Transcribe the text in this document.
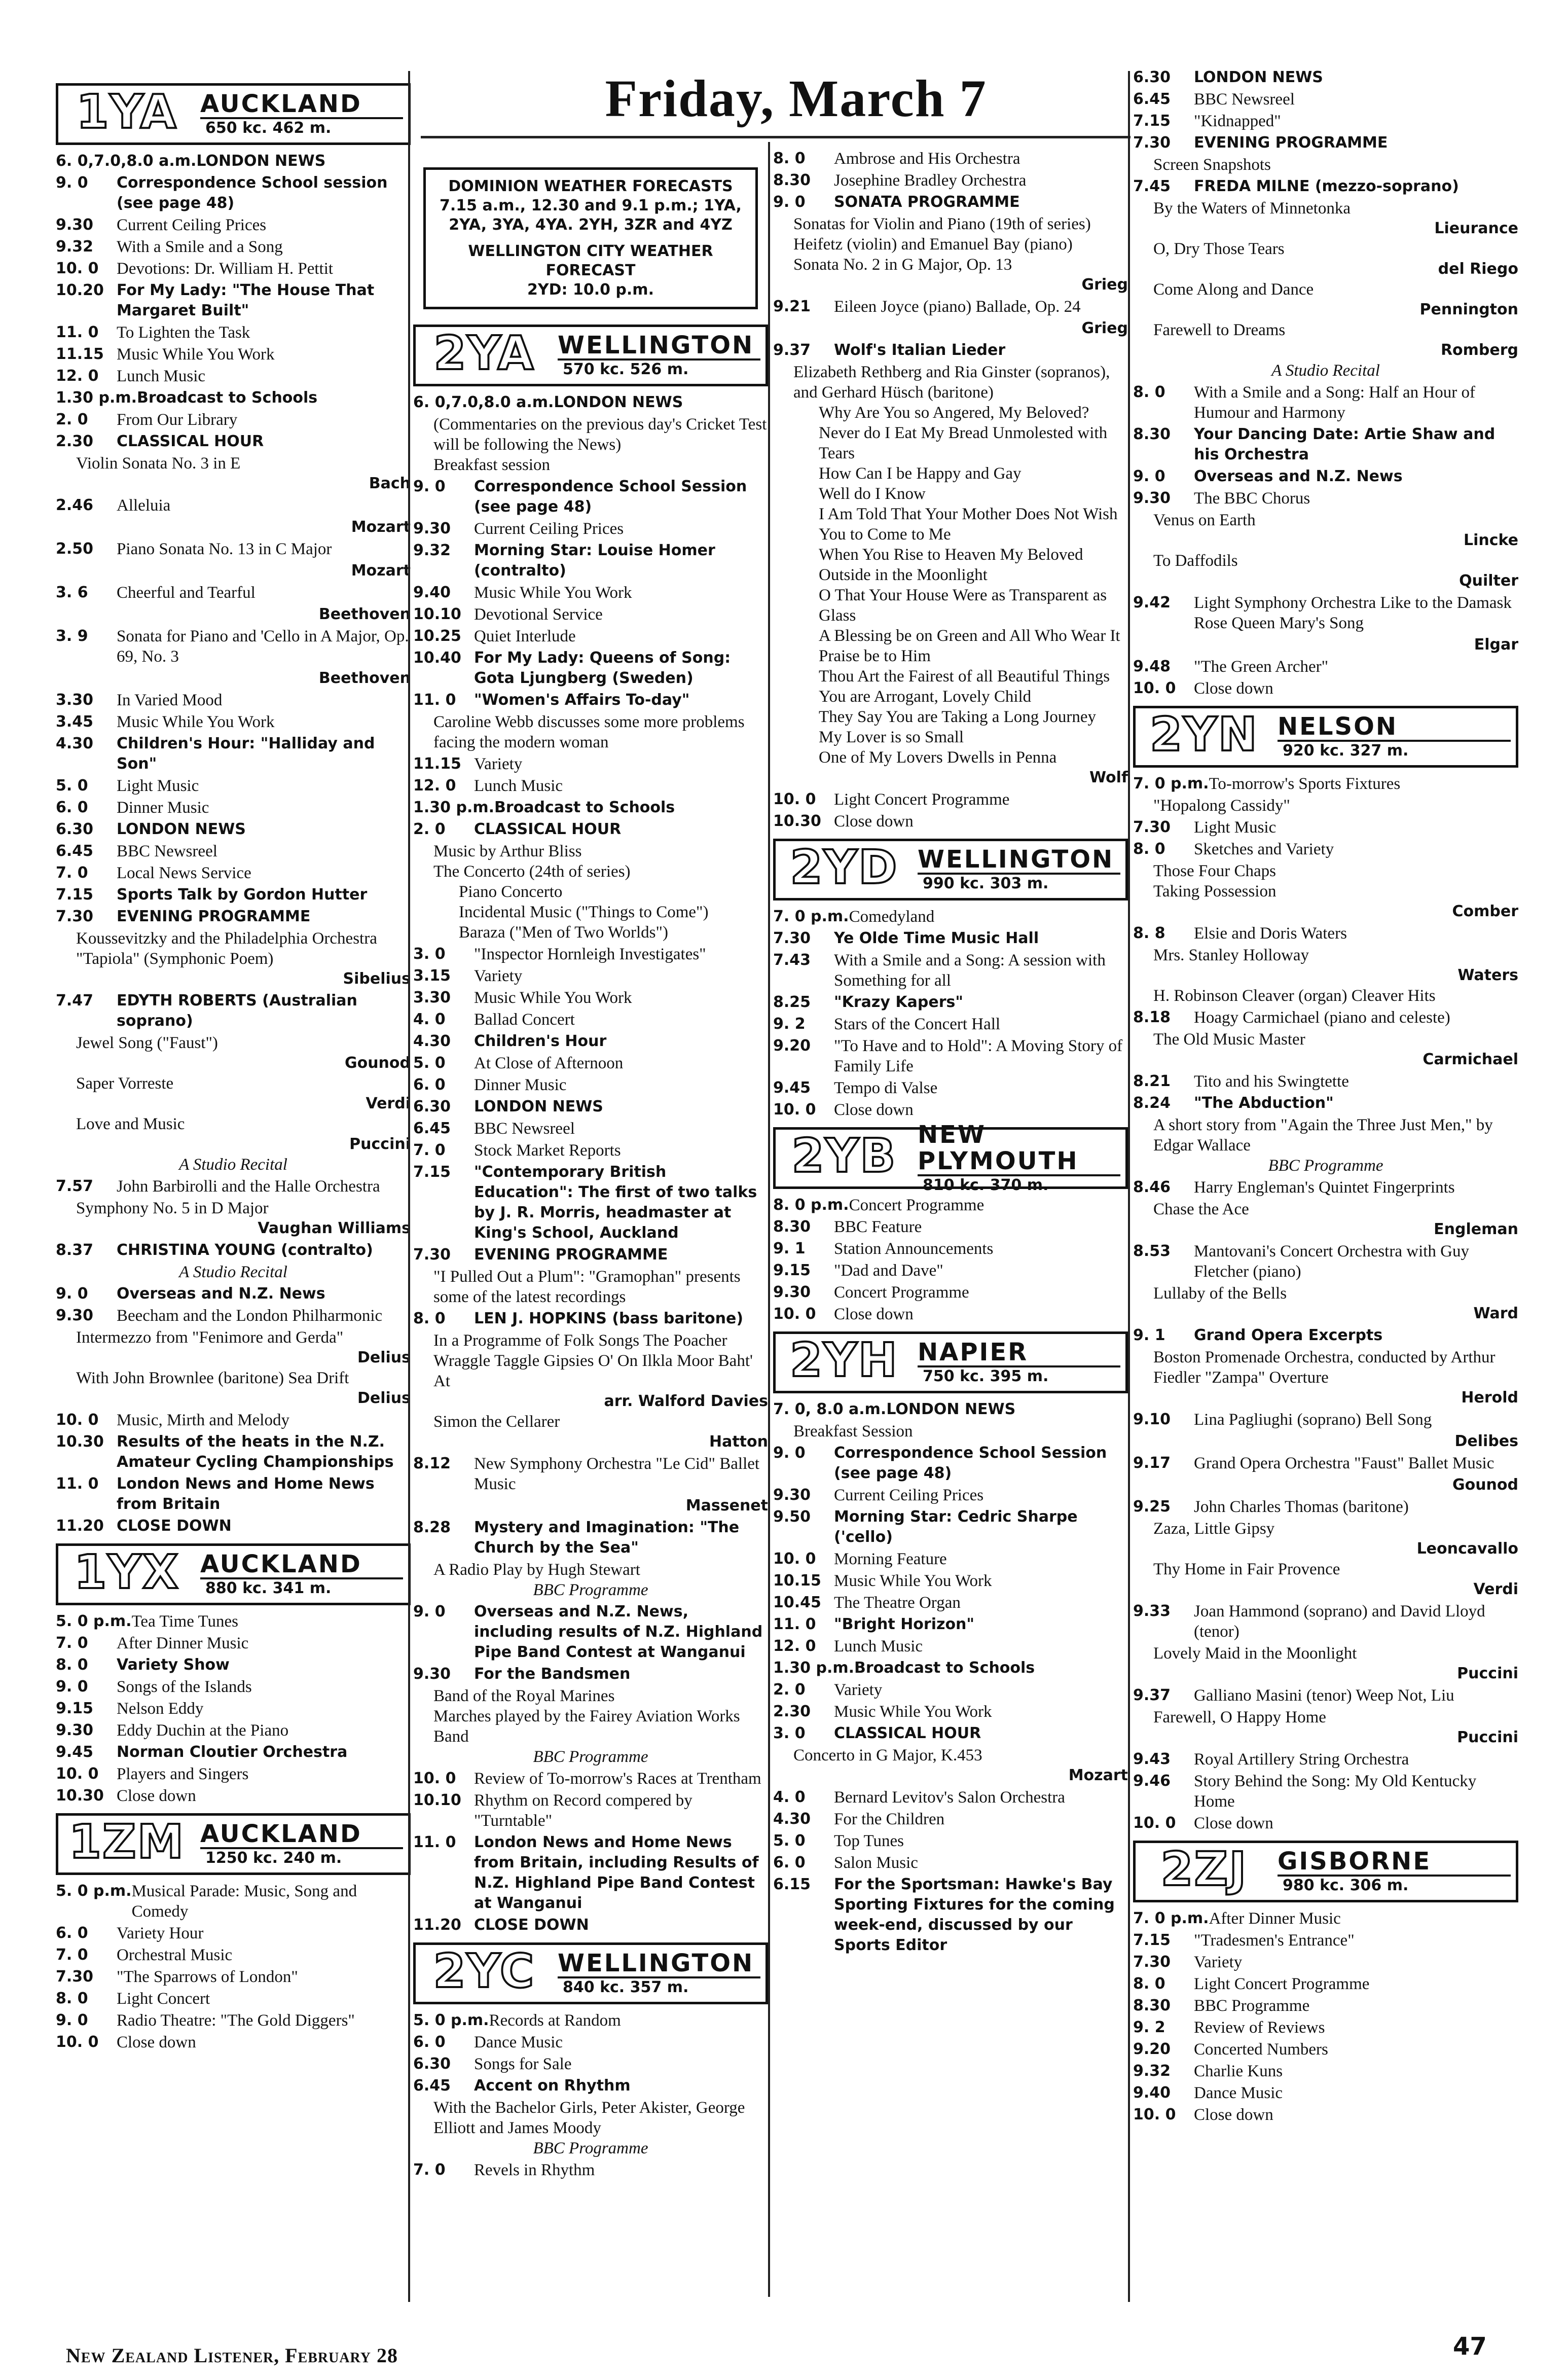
Friday, March 7
1YA AUCKLAND
650 kc. 462 m.
6. 0,7.0,8.0 a.m. LONDON NEWS
9. 0	Correspondence School session (see page 48)
9.30	Current Ceiling Prices
9.32	With a Smile and a Song
10. 0	Devotions: Dr. William H. Pettit
10.20 For My Lady: "The House That Margaret Built"
11. 0	To Lighten the Task
11.15 Music While You Work
12. 0	Lunch Music
1.30 p.m. Broadcast to Schools
2. 0	From Our Library
2.30	CLASSICAL HOUR
Violin Sonata No. 3 in E
Bach
2.46	Alleluia
Mozart
2.50	Piano Sonata No. 13 in C Major
Mozart
3. 6	Cheerful and Tearful
Beethoven
3. 9	Sonata for Piano and 'Cello in A Major, Op. 69, No. 3
Beethoven
3.30	In Varied Mood
3.45	Music While You Work
4.30	Children's Hour: "Halliday and Son"
5. 0	Light Music
6. 0	Dinner Music
6.30	LONDON NEWS
6.45	BBC Newsreel
7. 0	Local News Service
7.15	Sports Talk by Gordon Hutter
7.30	EVENING PROGRAMME
Koussevitzky and the Philadelphia Orchestra
"Tapiola" (Symphonic Poem)
Sibelius
7.47	EDYTH ROBERTS (Australian soprano)
Jewel Song ("Faust")
Gounod
Saper Vorreste
Verdi
Love and Music
Puccini
A Studio Recital
7.57	John Barbirolli and the Halle Orchestra
Symphony No. 5 in D Major
Vaughan Williams
8.37	CHRISTINA YOUNG (contralto)
A Studio Recital
9. 0	Overseas and N.Z. News
9.30	Beecham and the London Philharmonic
Intermezzo from "Fenimore and Gerda"
Delius
With John Brownlee (baritone) Sea Drift
Delius
10. 0	Music, Mirth and Melody
10.30 Results of the heats in the N.Z. Amateur Cycling Championships
11. 0	London News and Home News from Britain
11.20 CLOSE DOWN
1YX AUCKLAND
880 kc. 341 m.
5. 0 p.m. Tea Time Tunes
7. 0	After Dinner Music
8. 0	Variety Show
9. 0	Songs of the Islands
9.15	Nelson Eddy
9.30	Eddy Duchin at the Piano
9.45	Norman Cloutier Orchestra
10. 0	Players and Singers
10.30 Close down
1ZM AUCKLAND
1250 kc. 240 m.
5. 0 p.m. Musical Parade: Music, Song and Comedy
6. 0	Variety Hour
7. 0	Orchestral Music
7.30	"The Sparrows of London"
8. 0	Light Concert
9. 0	Radio Theatre: "The Gold Diggers"
10. 0	Close down
DOMINION WEATHER FORECASTS
7.15 a.m., 12.30 and 9.1 p.m.; 1YA, 2YA, 3YA, 4YA. 2YH, 3ZR and 4YZ
WELLINGTON CITY WEATHER FORECAST
2YD: 10.0 p.m.
2YA WELLINGTON
570 kc. 526 m.
6. 0,7.0,8.0 a.m. LONDON NEWS
(Commentaries on the previous day's Cricket Test will be following the News)
Breakfast session
9. 0	Correspondence School Session (see page 48)
9.30	Current Ceiling Prices
9.32	Morning Star: Louise Homer (contralto)
9.40	Music While You Work
10.10 Devotional Service
10.25 Quiet Interlude
10.40 For My Lady: Queens of Song: Gota Ljungberg (Sweden)
11. 0	"Women's Affairs To-day"
Caroline Webb discusses some more problems facing the modern woman
11.15 Variety
12. 0	Lunch Music
1.30 p.m. Broadcast to Schools
2. 0	CLASSICAL HOUR
Music by Arthur Bliss
The Concerto (24th of series)
Piano Concerto
Incidental Music ("Things to Come")
Baraza ("Men of Two Worlds")
3. 0	"Inspector Hornleigh Investigates"
3.15	Variety
3.30	Music While You Work
4. 0	Ballad Concert
4.30	Children's Hour
5. 0	At Close of Afternoon
6. 0	Dinner Music
6.30	LONDON NEWS
6.45	BBC Newsreel
7. 0	Stock Market Reports
7.15	"Contemporary British Education": The first of two talks by J. R. Morris, headmaster at King's School, Auckland
7.30	EVENING PROGRAMME
"I Pulled Out a Plum": "Gramophan" presents some of the latest recordings
8. 0	LEN J. HOPKINS (bass baritone)
In a Programme of Folk Songs The Poacher
Wraggle Taggle Gipsies O' On Ilkla Moor Baht' At
arr. Walford Davies
Simon the Cellarer
Hatton
8.12	New Symphony Orchestra "Le Cid" Ballet Music
Massenet
8.28	Mystery and Imagination: "The Church by the Sea"
A Radio Play by Hugh Stewart
BBC Programme
9. 0	Overseas and N.Z. News, including results of N.Z. Highland Pipe Band Contest at Wanganui
9.30	For the Bandsmen
Band of the Royal Marines
Marches played by the Fairey Aviation Works Band
BBC Programme
10. 0	Review of To-morrow's Races at Trentham
10.10 Rhythm on Record compered by "Turntable"
11. 0	London News and Home News from Britain, including Results of N.Z. Highland Pipe Band Contest at Wanganui
11.20 CLOSE DOWN
2YC WELLINGTON
840 kc. 357 m.
5. 0 p.m. Records at Random
6. 0	Dance Music
6.30	Songs for Sale
6.45	Accent on Rhythm
With the Bachelor Girls, Peter Akister, George Elliott and James Moody
BBC Programme
7. 0	Revels in Rhythm
8. 0	Ambrose and His Orchestra
8.30	Josephine Bradley Orchestra
9. 0	SONATA PROGRAMME
Sonatas for Violin and Piano (19th of series)
Heifetz (violin) and Emanuel Bay (piano)
Sonata No. 2 in G Major, Op. 13
Grieg
9.21	Eileen Joyce (piano) Ballade, Op. 24
Grieg
9.37	Wolf's Italian Lieder
Elizabeth Rethberg and Ria Ginster (sopranos), and Gerhard Hüsch (baritone)
Why Are You so Angered, My Beloved?
Never do I Eat My Bread Unmolested with Tears
How Can I be Happy and Gay
Well do I Know
I Am Told That Your Mother Does Not Wish You to Come to Me
When You Rise to Heaven My Beloved
Outside in the Moonlight
O That Your House Were as Transparent as Glass
A Blessing be on Green and All Who Wear It
Praise be to Him
Thou Art the Fairest of all Beautiful Things
You are Arrogant, Lovely Child
They Say You are Taking a Long Journey
My Lover is so Small
One of My Lovers Dwells in Penna
Wolf
10. 0	Light Concert Programme
10.30 Close down
2YD WELLINGTON
990 kc. 303 m.
7. 0 p.m. Comedyland
7.30	Ye Olde Time Music Hall
7.43	With a Smile and a Song: A session with Something for all
8.25	"Krazy Kapers"
9. 2	Stars of the Concert Hall
9.20	"To Have and to Hold": A Moving Story of Family Life
9.45	Tempo di Valse
10. 0	Close down
2YB NEW PLYMOUTH
810 kc. 370 m.
8. 0 p.m. Concert Programme
8.30	BBC Feature
9. 1	Station Announcements
9.15	"Dad and Dave"
9.30	Concert Programme
10. 0	Close down
2YH NAPIER
750 kc. 395 m.
7. 0, 8.0 a.m. LONDON NEWS
Breakfast Session
9. 0	Correspondence School Session (see page 48)
9.30	Current Ceiling Prices
9.50	Morning Star: Cedric Sharpe ('cello)
10. 0	Morning Feature
10.15 Music While You Work
10.45 The Theatre Organ
11. 0	"Bright Horizon"
12. 0	Lunch Music
1.30 p.m. Broadcast to Schools
2. 0	Variety
2.30	Music While You Work
3. 0	CLASSICAL HOUR
Concerto in G Major, K.453
Mozart
4. 0	Bernard Levitov's Salon Orchestra
4.30	For the Children
5. 0	Top Tunes
6. 0	Salon Music
6.15	For the Sportsman: Hawke's Bay Sporting Fixtures for the coming week-end, discussed by our Sports Editor
6.30	LONDON NEWS
6.45	BBC Newsreel
7.15	"Kidnapped"
7.30	EVENING PROGRAMME
Screen Snapshots
7.45	FREDA MILNE (mezzo-soprano)
By the Waters of Minnetonka
Lieurance
O, Dry Those Tears
del Riego
Come Along and Dance
Pennington
Farewell to Dreams
Romberg
A Studio Recital
8. 0	With a Smile and a Song: Half an Hour of Humour and Harmony
8.30	Your Dancing Date: Artie Shaw and his Orchestra
9. 0	Overseas and N.Z. News
9.30	The BBC Chorus
Venus on Earth
Lincke
To Daffodils
Quilter
9.42	Light Symphony Orchestra Like to the Damask Rose Queen Mary's Song
Elgar
9.48	"The Green Archer"
10. 0	Close down
2YN NELSON
920 kc. 327 m.
7. 0 p.m. To-morrow's Sports Fixtures
"Hopalong Cassidy"
7.30	Light Music
8. 0	Sketches and Variety
Those Four Chaps
Taking Possession
Comber
8. 8	Elsie and Doris Waters
Mrs. Stanley Holloway
Waters
H. Robinson Cleaver (organ) Cleaver Hits
8.18	Hoagy Carmichael (piano and celeste)
The Old Music Master
Carmichael
8.21	Tito and his Swingtette
8.24	"The Abduction"
A short story from "Again the Three Just Men," by Edgar Wallace
BBC Programme
8.46	Harry Engleman's Quintet Fingerprints
Chase the Ace
Engleman
8.53	Mantovani's Concert Orchestra with Guy Fletcher (piano)
Lullaby of the Bells
Ward
9. 1	Grand Opera Excerpts
Boston Promenade Orchestra, conducted by Arthur Fiedler "Zampa" Overture
Herold
9.10	Lina Pagliughi (soprano) Bell Song
Delibes
9.17	Grand Opera Orchestra "Faust" Ballet Music
Gounod
9.25	John Charles Thomas (baritone)
Zaza, Little Gipsy
Leoncavallo
Thy Home in Fair Provence
Verdi
9.33	Joan Hammond (soprano) and David Lloyd (tenor)
Lovely Maid in the Moonlight
Puccini
9.37	Galliano Masini (tenor) Weep Not, Liu
Farewell, O Happy Home
Puccini
9.43	Royal Artillery String Orchestra
9.46	Story Behind the Song: My Old Kentucky Home
10. 0	Close down
2ZJ	GISBORNE
980 kc. 306 m.
7. 0 p.m. After Dinner Music
7.15	"Tradesmen's Entrance"
7.30	Variety
8. 0	Light Concert Programme
8.30	BBC Programme
9. 2	Review of Reviews
9.20	Concerted Numbers
9.32	Charlie Kuns
9.40	Dance Music
10. 0	Close down
New Zealand Listener, February 28	47
